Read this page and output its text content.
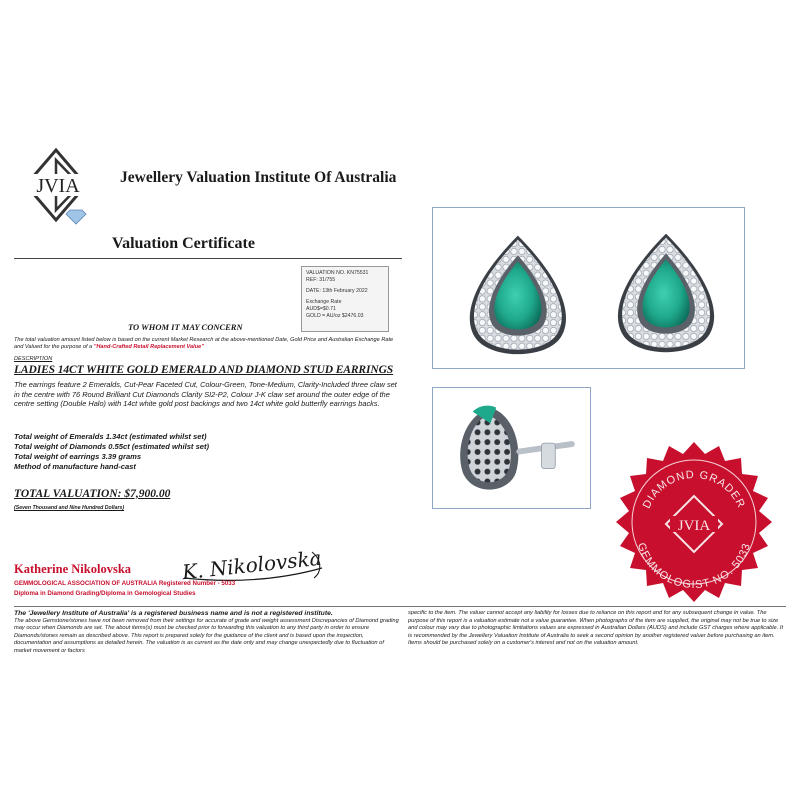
JVIA	Jewellery Valuation Institute Of Australia
Valuation Certificate
VALUATION NO. KN75531
REF: 31/755
DATE: 13th February 2022
Exchange Rate
AUD$=$0.71
GOLD = AU/oz $2476.03
TO WHOM IT MAY CONCERN
The total valuation amount listed below is based on the current Market Research at the above-mentioned Date, Gold Price and Australian Exchange Rate and Valued for the purpose of a "Hand-Crafted Retail Replacement Value"
DESCRIPTION
LADIES 14CT WHITE GOLD EMERALD AND DIAMOND STUD EARRINGS
The earrings feature 2 Emeralds, Cut-Pear Faceted Cut, Colour-Green, Tone-Medium, Clarity-Included three claw set in the centre with 76 Round Brilliant Cut Diamonds Clarity SI2-P2, Colour J-K claw set around the outer edge of the centre setting (Double Halo) with 14ct white gold post backings and two 14ct white gold butterfly earrings backs.
Total weight of Emeralds 1.34ct (estimated whilst set)
Total weight of Diamonds 0.55ct (estimated whilst set)
Total weight of earrings 3.39 grams
Method of manufacture hand-cast
TOTAL VALUATION: $7,900.00
(Seven Thousand and Nine Hundred Dollars)
Katherine Nikolovska K. Nikolovska
GEMMOLOGICAL ASSOCIATION OF AUSTRALIA Registered Number - 5033
Diploma in Diamond Grading/Diploma in Gemological Studies
The 'Jewellery Institute of Australia' is a registered business name and is not a registered institute.
The above Gemstone/stones have not been removed from their settings for accurate of grade and weight assessment Discrepancies of Diamond grading may occur when Diamonds are set. The about items(s) must be checked prior to forwarding this valuation to any third party in order to ensure Diamonds/stones remain as described above. This report is prepared solely for the guidance of the client and is based upon the inspection, documentation and assumptions as detailed herein. The valuation is as current as the date only and may change unexpectedly due to fluctuation of market movement or factors
specific to the item. The valuer cannot accept any liability for losses due to reliance on this report and for any subsequent change in value. The purpose of this report is a valuation estimate not a value guarantee. When photographs of the item are supplied, the original may not be true to size and colour may vary due to photographic limitations values are expressed in Australian Dollars (AUDS) and include GST charges where applicable. It is recommended by the Jewellery Valuation Institute of Australia to seek a second opinion by another registered valuer before purchasing an item. Items should be purchased solely on a customer's interest and not on the valuation amount.
DIAMOND GRADER
GEMMOLOGIST NO. 5033
JVIA
